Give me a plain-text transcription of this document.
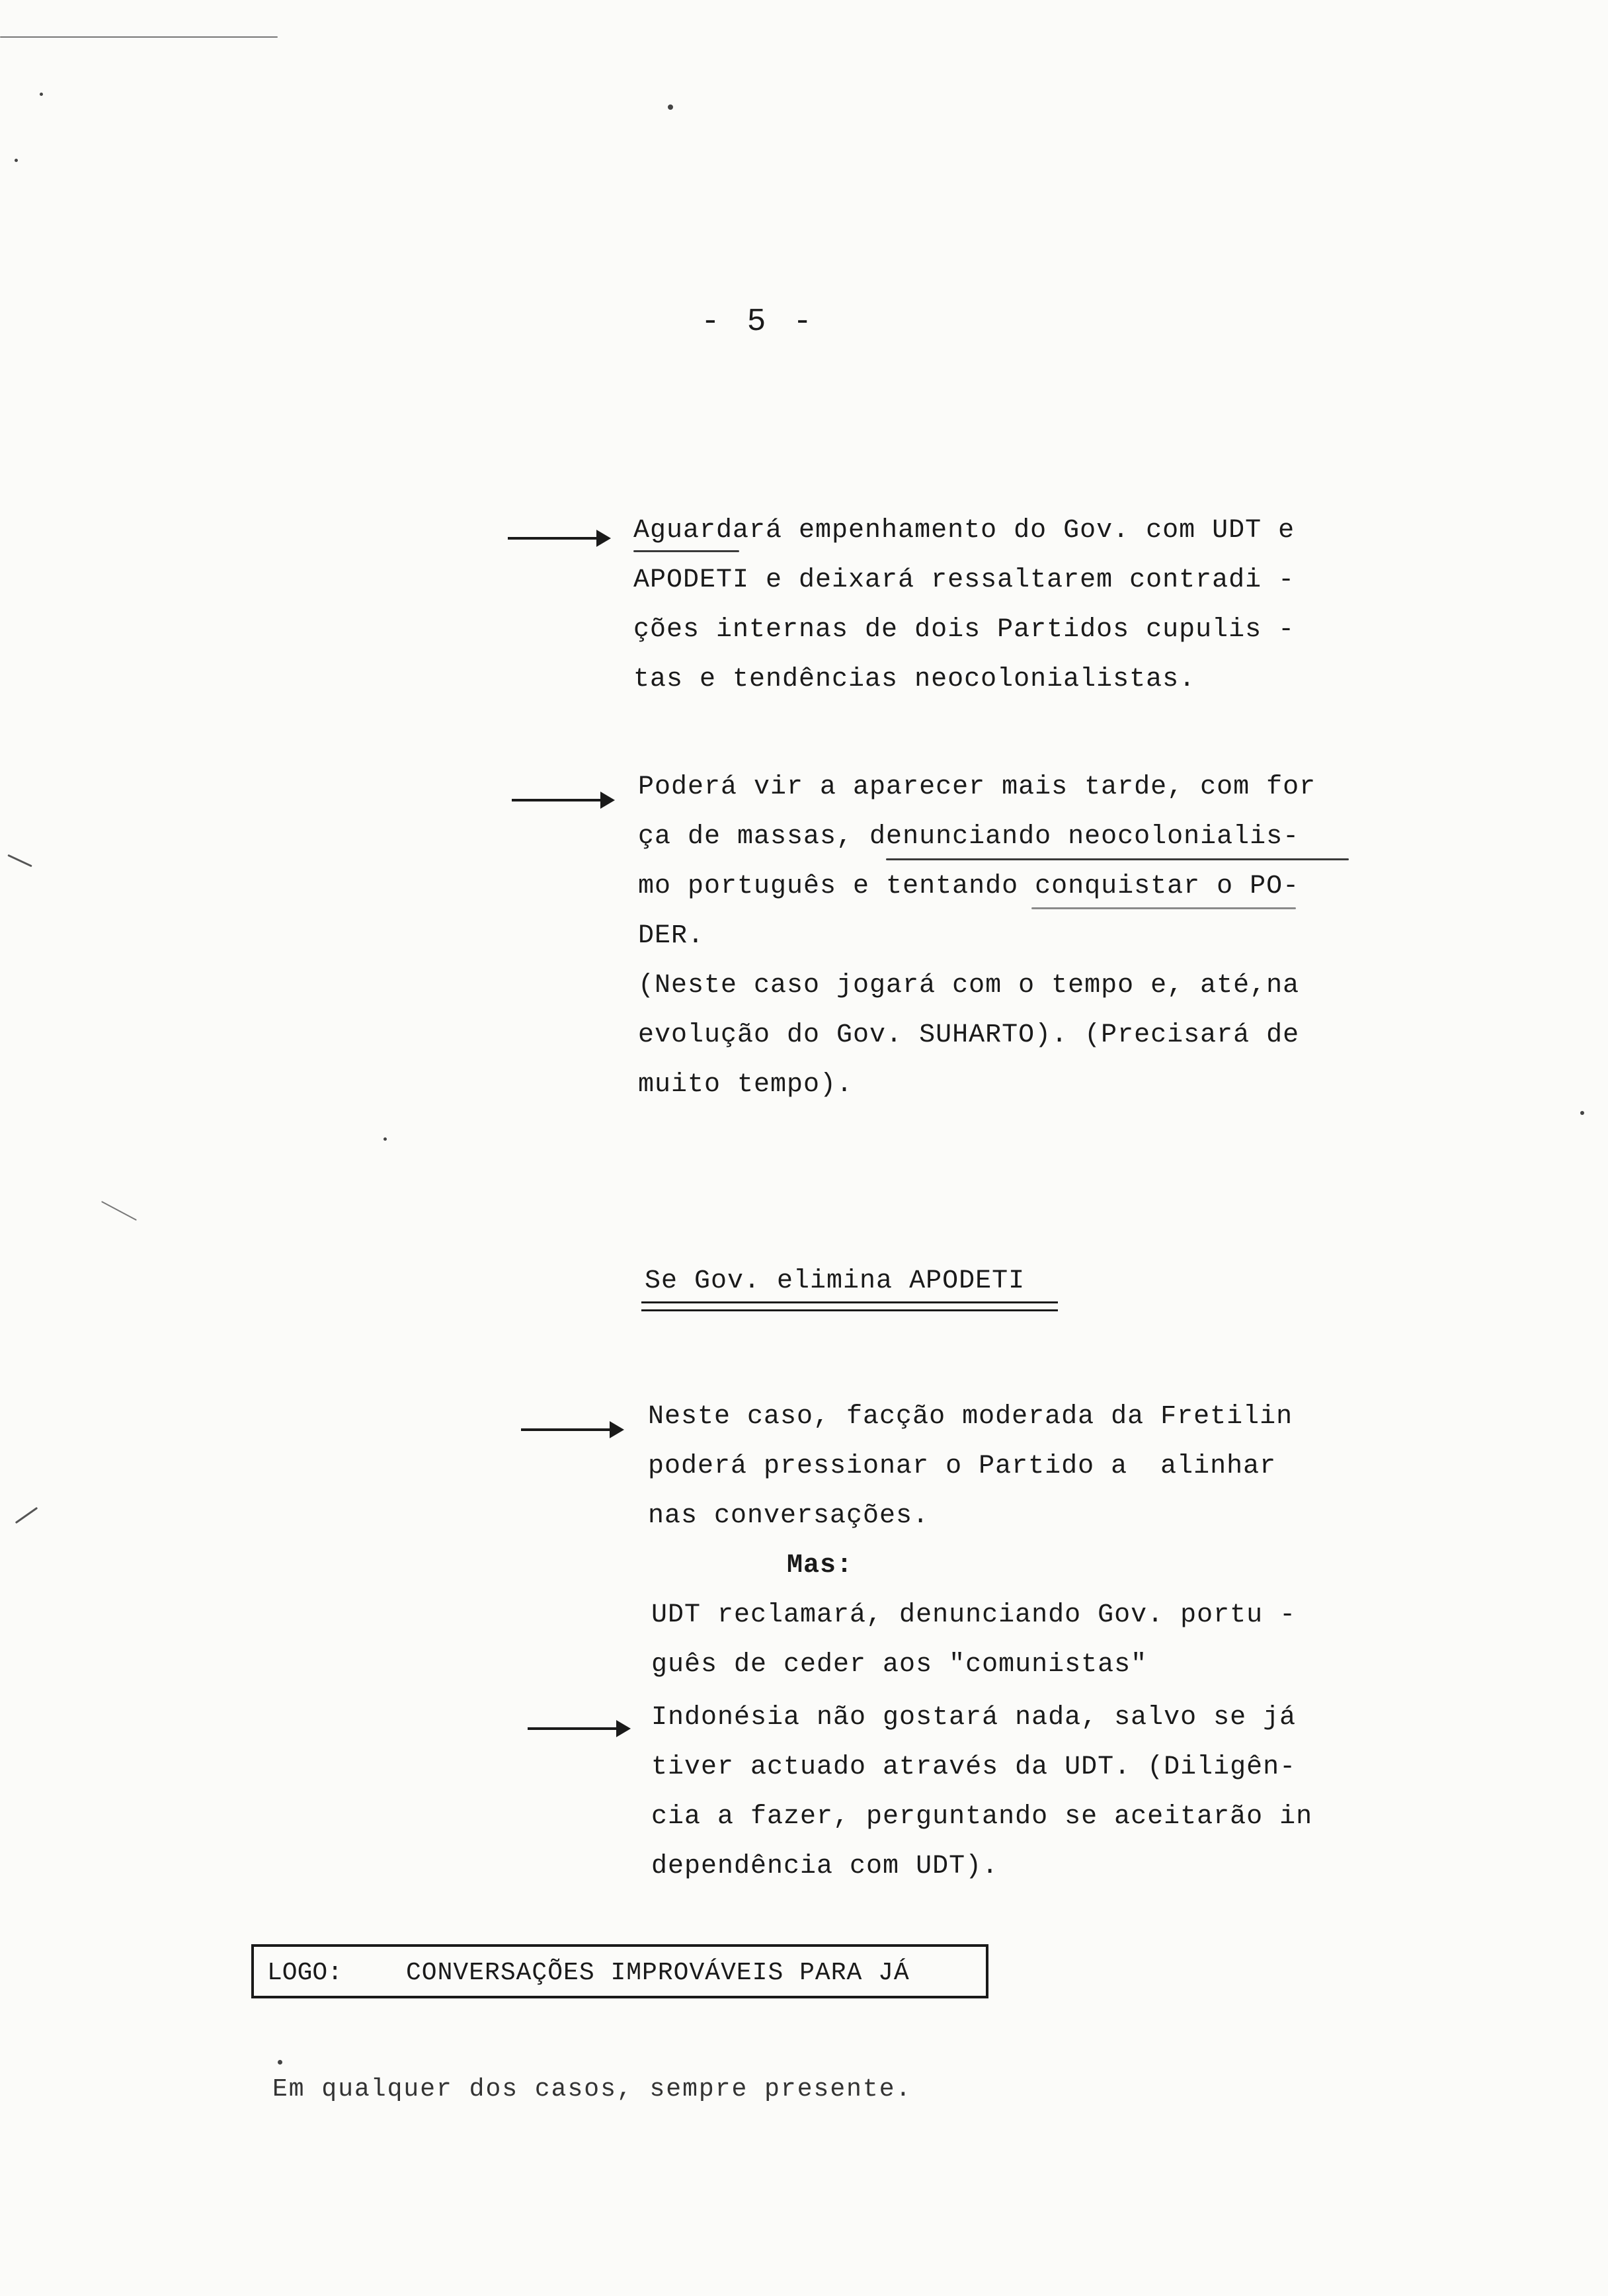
- 5 -
Aguardará empenhamento do Gov. com UDT e
APODETI e deixará ressaltarem contradi -
ções internas de dois Partidos cupulis -
tas e tendências neocolonialistas.
Poderá vir a aparecer mais tarde, com for
ça de massas, denunciando neocolonialis-
mo português e tentando conquistar o PO-
DER.
(Neste caso jogará com o tempo e, até,na
evolução do Gov. SUHARTO). (Precisará de
muito tempo).
Se Gov. elimina APODETI
Neste caso, facção moderada da Fretilin
poderá pressionar o Partido a  alinhar
nas conversações.
Mas:
UDT reclamará, denunciando Gov. portu -
guês de ceder aos "comunistas"
Indonésia não gostará nada, salvo se já
tiver actuado através da UDT. (Diligên-
cia a fazer, perguntando se aceitarão in
dependência com UDT).
LOGO:	CONVERSAÇÕES IMPROVÁVEIS PARA JÁ
Em qualquer dos casos, sempre presente.
